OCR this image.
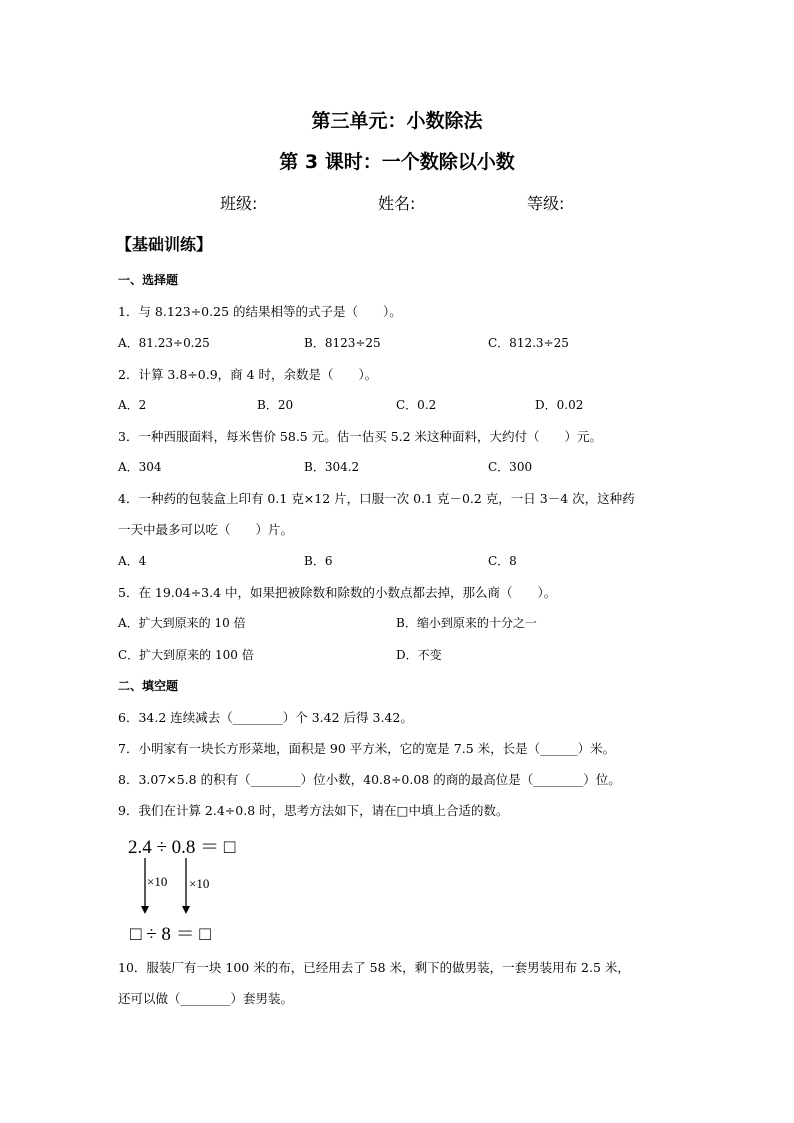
第三单元：小数除法
第 3 课时：一个数除以小数
班级:	姓名:	等级:
【基础训练】
一、选择题
1．与 8.123÷0.25 的结果相等的式子是（　　）。
A．81.23÷0.25	B．8123÷25	C．812.3÷25
2．计算 3.8÷0.9，商 4 时，余数是（　　）。
A．2	B．20	C．0.2	D．0.02
3．一种西服面料，每米售价 58.5 元。估一估买 5.2 米这种面料，大约付（　　）元。
A．304	B．304.2	C．300
4．一种药的包装盒上印有 0.1 克×12 片，口服一次 0.1 克－0.2 克，一日 3－4 次，这种药
一天中最多可以吃（　　）片。
A．4	B．6	C．8
5．在 19.04÷3.4 中，如果把被除数和除数的小数点都去掉，那么商（　　）。
A．扩大到原来的 10 倍	B．缩小到原来的十分之一
C．扩大到原来的 100 倍	D．不变
二、填空题
6．34.2 连续减去（________）个 3.42 后得 3.42。
7．小明家有一块长方形菜地，面积是 90 平方米，它的宽是 7.5 米，长是（______）米。
8．3.07×5.8 的积有（________）位小数，40.8÷0.08 的商的最高位是（________）位。
9．我们在计算 2.4÷0.8 时，思考方法如下，请在□中填上合适的数。
2.4 ÷ 0.8 ＝ □
×10 ×10
□ ÷ 8 ＝ □
10．服装厂有一块 100 米的布，已经用去了 58 米，剩下的做男装，一套男装用布 2.5 米，
还可以做（________）套男装。
